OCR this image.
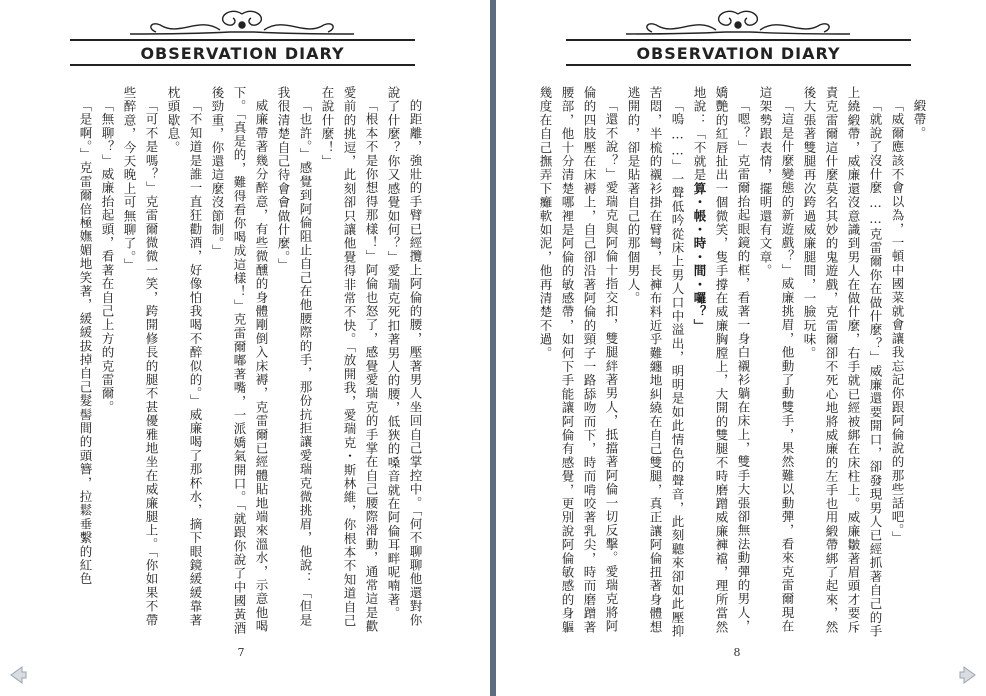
OBSERVATION DIARY

的距離，強壯的手臂已經攬上阿倫的腰，壓著男人坐回自己掌控中。「何不聊聊他還對你說了什麼？你又感覺如何？」愛瑞克死扣著男人的腰，低狹的嗓音就在阿倫耳畔呢喃著。

「根本不是你想得那樣！」阿倫也怒了，感覺愛瑞克的手掌在自己腰際滑動，通常這是歡愛前的挑逗，此刻卻只讓他覺得非常不快。「放開我，愛瑞克・斯林維，你根本不知道自己在說什麼！」

「也許。」感覺到阿倫阻止自己在他腰際的手，那份抗拒讓愛瑞克微挑眉，他說：「但是我很清楚自己待會會做什麼。」

威廉帶著幾分醉意，有些微醺的身體剛倒入床褥，克雷爾已經體貼地端來溫水，示意他喝下。「真是的，難得看你喝成這樣！」克雷爾嘟著嘴，一派嬌氣開口。「就跟你說了中國黃酒後勁重，你還這麼沒節制。」

「不知道是誰一直狂勸酒，好像怕我喝不醉似的。」威廉喝了那杯水，摘下眼鏡緩緩靠著枕頭歇息。

「可不是嗎？」克雷爾微微一笑，跨開修長的腿不甚優雅地坐在威廉腿上。「你如果不帶些醉意，今天晚上可無聊了。」

「無聊？」威廉抬起頭，看著在自己上方的克雷爾。

「是啊。」克雷爾倍極嫵媚地笑著，緩緩拔掉自己髮髻間的頭簪，拉鬆垂繫的紅色

7
OBSERVATION DIARY

緞帶。

「威爾應該不會以為，一頓中國菜就會讓我忘記你跟阿倫說的那些話吧。」

「就說了沒什麼……克雷爾你在做什麼？」威廉還要開口，卻發現男人已經抓著自己的手上繞緞帶，威廉還沒意識到男人在做什麼，右手就已經被綁在床柱上。威廉皺著眉頭才要斥責克雷爾這什麼莫名其妙的鬼遊戲，克雷爾卻不死心地將威廉的左手也用緞帶綁了起來，然後大張著雙腿再次跨過威廉腿間，一臉玩味。

「這是什麼變態的新遊戲？」威廉挑眉，他動了動雙手，果然難以動彈，看來克雷爾現在這架勢跟表情，擺明還有文章。

「嗯？」克雷爾抬起眼鏡的框，看著一身白襯衫躺在床上，雙手大張卻無法動彈的男人，嬌艷的紅唇扯出一個微笑，隻手撐在威廉胸膛上，大開的雙腿不時磨蹭威廉褲襠，理所當然地說：「不就是算・帳・時・間・囉？」

「嗚……」一聲低吟從床上男人口中溢出，明明是如此情色的聲音，此刻聽來卻如此壓抑苦悶，半梳的襯衫掛在臂彎，長褲布料近乎難纏地糾繞在自己雙腿，真正讓阿倫扭著身體想逃開的，卻是貼著自己的那個男人。

「還不說？」愛瑞克與阿倫十指交扣，雙腿絆著男人，抵擋著阿倫一切反擊。愛瑞克將阿倫的四肢壓在床褥上，自己卻沿著阿倫的頸子一路舔吻而下，時而啃咬著乳尖，時而磨蹭著腰部，他十分清楚哪裡是阿倫的敏感帶，如何下手能讓阿倫有感覺，更別說阿倫敏感的身軀幾度在自己撫弄下癱軟如泥，他再清楚不過。

8
